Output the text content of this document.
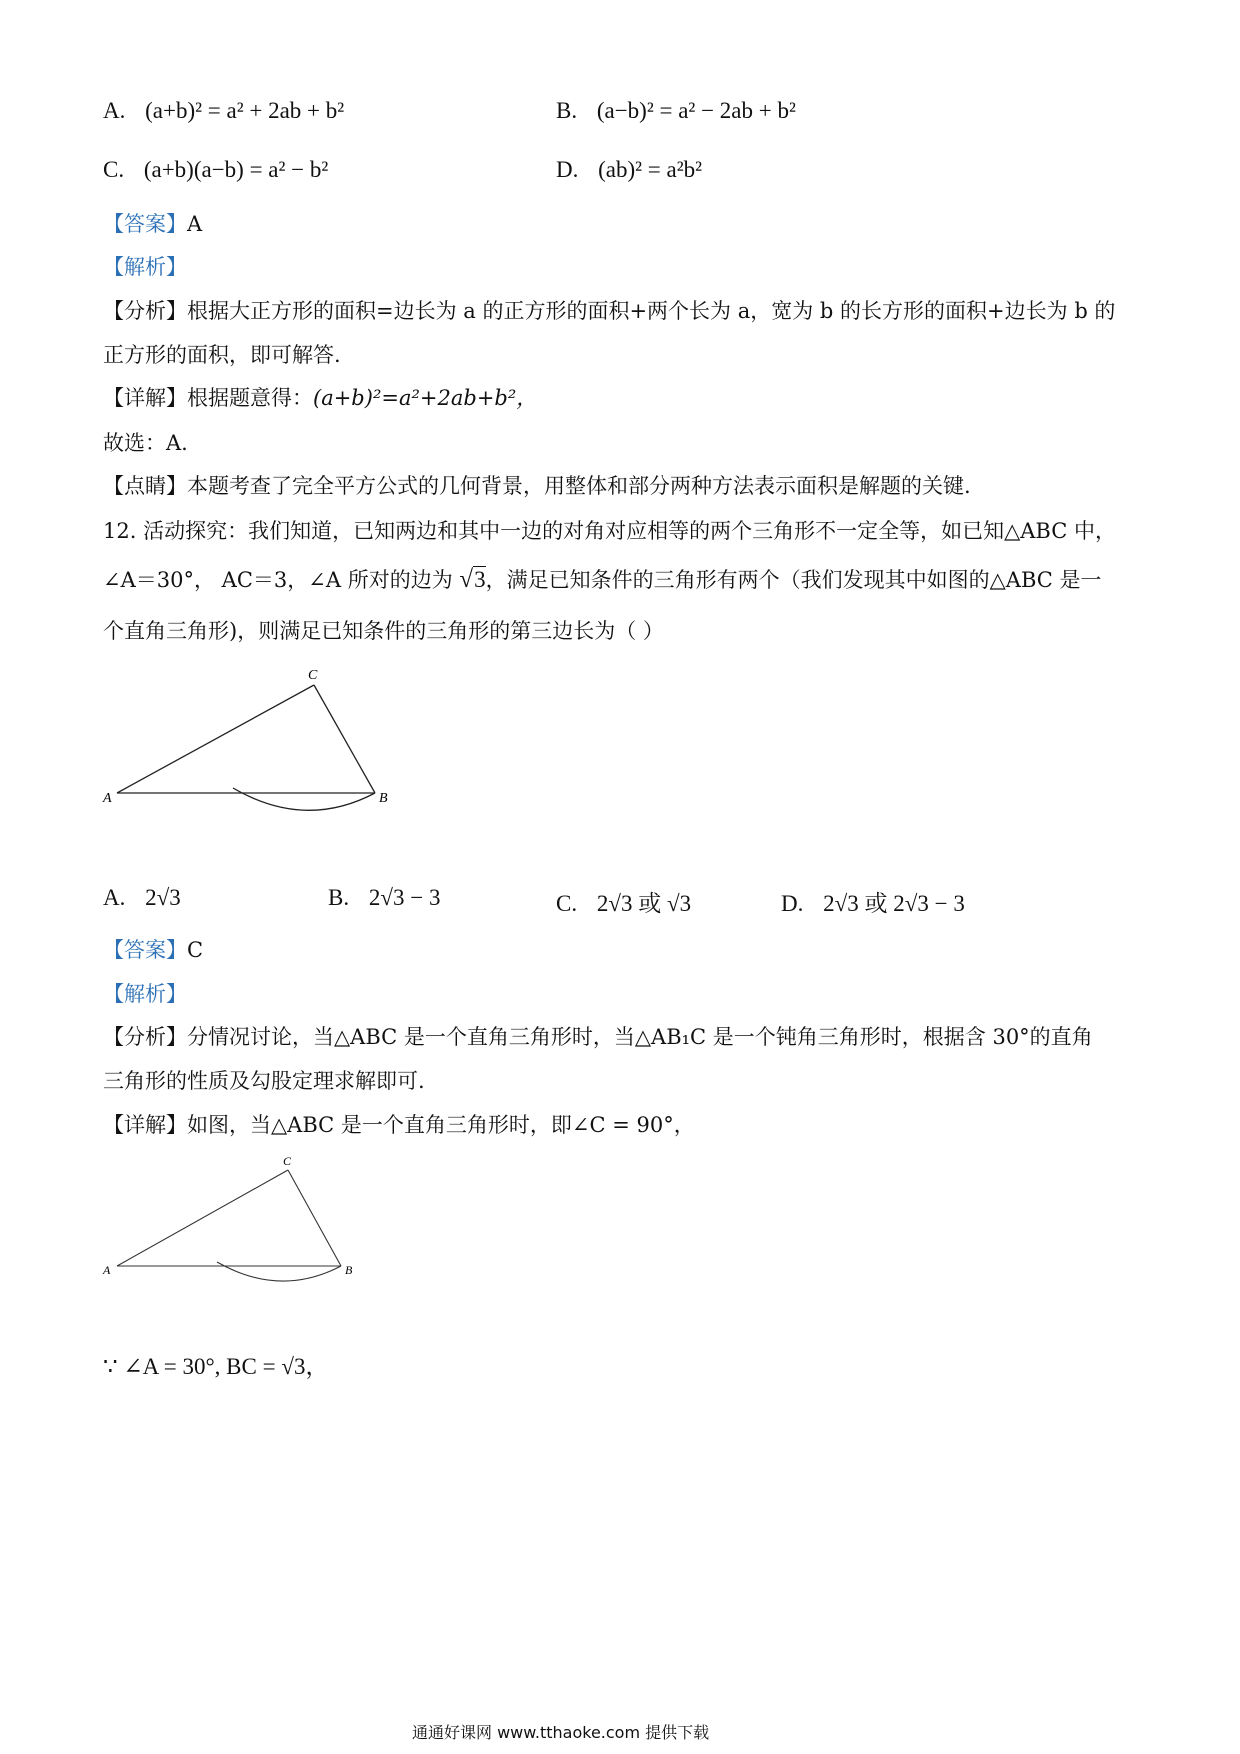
A. (a+b)² = a² + 2ab + b²	B. (a−b)² = a² − 2ab + b²
C. (a+b)(a−b) = a² − b²	D. (ab)² = a²b²
【答案】A
【解析】
【分析】根据大正方形的面积=边长为 a 的正方形的面积+两个长为 a，宽为 b 的长方形的面积+边长为 b 的
正方形的面积，即可解答.
【详解】根据题意得：(a+b)²=a²+2ab+b²，
故选：A.
【点睛】本题考查了完全平方公式的几何背景，用整体和部分两种方法表示面积是解题的关键.
12. 活动探究：我们知道，已知两边和其中一边的对角对应相等的两个三角形不一定全等，如已知△ABC 中，
∠A＝30°， AC＝3，∠A 所对的边为 √3，满足已知条件的三角形有两个（我们发现其中如图的△ABC 是一
个直角三角形)，则满足已知条件的三角形的第三边长为（ ）
A	B
C
A. 2√3	B. 2√3 − 3	C. 2√3 或 √3	D. 2√3 或 2√3 − 3
【答案】C
【解析】
【分析】分情况讨论，当△ABC 是一个直角三角形时，当△AB₁C 是一个钝角三角形时，根据含 30°的直角
三角形的性质及勾股定理求解即可.
【详解】如图，当△ABC 是一个直角三角形时，即∠C = 90°，
A	B
C
∵ ∠A = 30°, BC = √3，
通通好课网 www.tthaoke.com 提供下载
